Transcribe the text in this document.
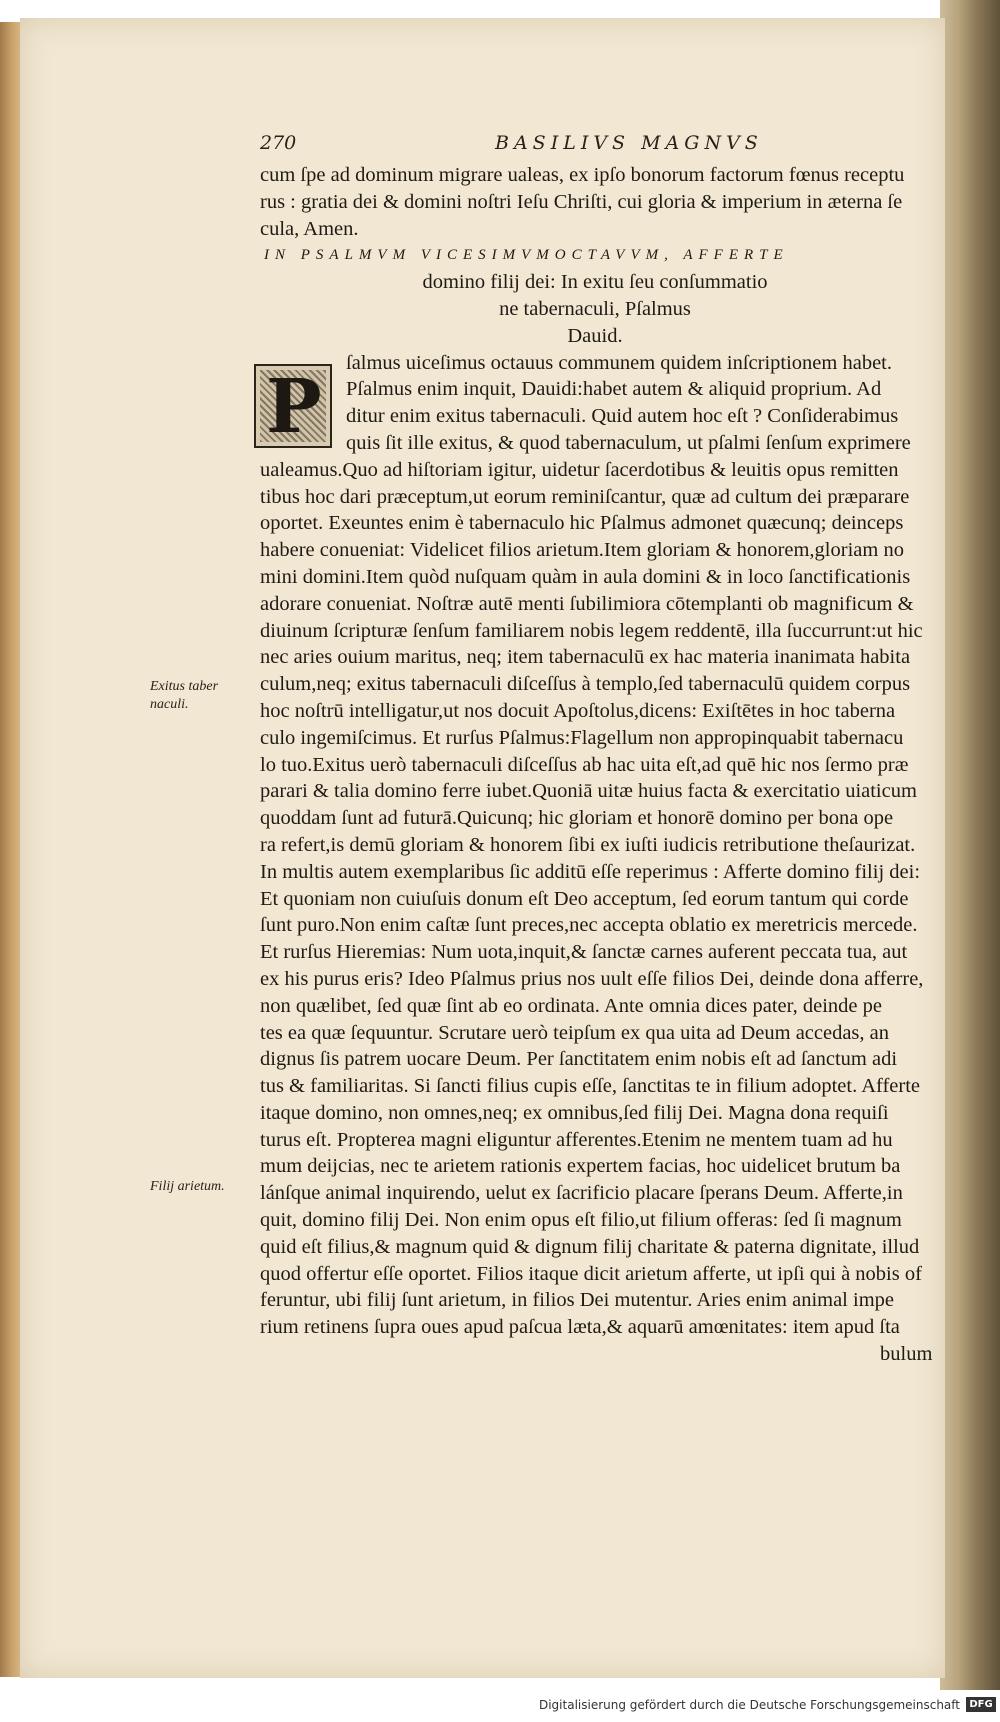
270	BASILIVS MAGNVS
cum ſpe ad dominum migrare ualeas, ex ipſo bonorum factorum fœnus receptu
rus : gratia dei & domini noſtri Ieſu Chriſti, cui gloria & imperium in æterna ſe
cula, Amen.
IN PSALMVM VICESIMVMOCTAVVM, AFFERTE
domino filij dei: In exitu ſeu conſummatio
ne tabernaculi, Pſalmus
Dauid.
P
ſalmus uiceſimus octauus communem quidem inſcriptionem habet.
Pſalmus enim inquit, Dauidi:habet autem & aliquid proprium. Ad
ditur enim exitus tabernaculi. Quid autem hoc eſt ? Conſiderabimus
quis ſit ille exitus, & quod tabernaculum, ut pſalmi ſenſum exprimere
ualeamus.Quo ad hiſtoriam igitur, uidetur ſacerdotibus & leuitis opus remitten
tibus hoc dari præceptum,ut eorum reminiſcantur, quæ ad cultum dei præparare
oportet. Exeuntes enim è tabernaculo hic Pſalmus admonet quæcunq; deinceps
habere conueniat: Videlicet filios arietum.Item gloriam & honorem,gloriam no
mini domini.Item quòd nuſquam quàm in aula domini & in loco ſanctificationis
adorare conueniat. Noſtræ autē menti ſubilimiora cōtemplanti ob magnificum &
diuinum ſcripturæ ſenſum familiarem nobis legem reddentē, illa ſuccurrunt:ut hic
nec aries ouium maritus, neq; item tabernaculū ex hac materia inanimata habita
culum,neq; exitus tabernaculi diſceſſus à templo,ſed tabernaculū quidem corpus
hoc noſtrū intelligatur,ut nos docuit Apoſtolus,dicens: Exiſtētes in hoc taberna
culo ingemiſcimus. Et rurſus Pſalmus:Flagellum non appropinquabit tabernacu
lo tuo.Exitus uerò tabernaculi diſceſſus ab hac uita eſt,ad quē hic nos ſermo præ
parari & talia domino ferre iubet.Quoniā uitæ huius facta & exercitatio uiaticum
quoddam ſunt ad futurā.Quicunq; hic gloriam et honorē domino per bona ope
ra refert,is demū gloriam & honorem ſibi ex iuſti iudicis retributione theſaurizat.
In multis autem exemplaribus ſic additū eſſe reperimus : Afferte domino filij dei:
Et quoniam non cuiuſuis donum eſt Deo acceptum, ſed eorum tantum qui corde
ſunt puro.Non enim caſtæ ſunt preces,nec accepta oblatio ex meretricis mercede.
Et rurſus Hieremias: Num uota,inquit,& ſanctæ carnes auferent peccata tua, aut
ex his purus eris? Ideo Pſalmus prius nos uult eſſe filios Dei, deinde dona afferre,
non quælibet, ſed quæ ſint ab eo ordinata. Ante omnia dices pater, deinde pe
tes ea quæ ſequuntur. Scrutare uerò teipſum ex qua uita ad Deum accedas, an
dignus ſis patrem uocare Deum. Per ſanctitatem enim nobis eſt ad ſanctum adi
tus & familiaritas. Si ſancti filius cupis eſſe, ſanctitas te in filium adoptet. Afferte
itaque domino, non omnes,neq; ex omnibus,ſed filij Dei. Magna dona requiſi
turus eſt. Propterea magni eliguntur afferentes.Etenim ne mentem tuam ad hu
mum deijcias, nec te arietem rationis expertem facias, hoc uidelicet brutum ba
lánſque animal inquirendo, uelut ex ſacrificio placare ſperans Deum. Afferte,in
quit, domino filij Dei. Non enim opus eſt filio,ut filium offeras: ſed ſi magnum
quid eſt filius,& magnum quid & dignum filij charitate & paterna dignitate, illud
quod offertur eſſe oportet. Filios itaque dicit arietum afferte, ut ipſi qui à nobis of
feruntur, ubi filij ſunt arietum, in filios Dei mutentur. Aries enim animal impe
rium retinens ſupra oues apud paſcua læta,& aquarū amœnitates: item apud ſta
bulum
Exitus taber
naculi.
Filij arietum.
Digitalisierung gefördert durch die Deutsche Forschungsgemeinschaft DFG
